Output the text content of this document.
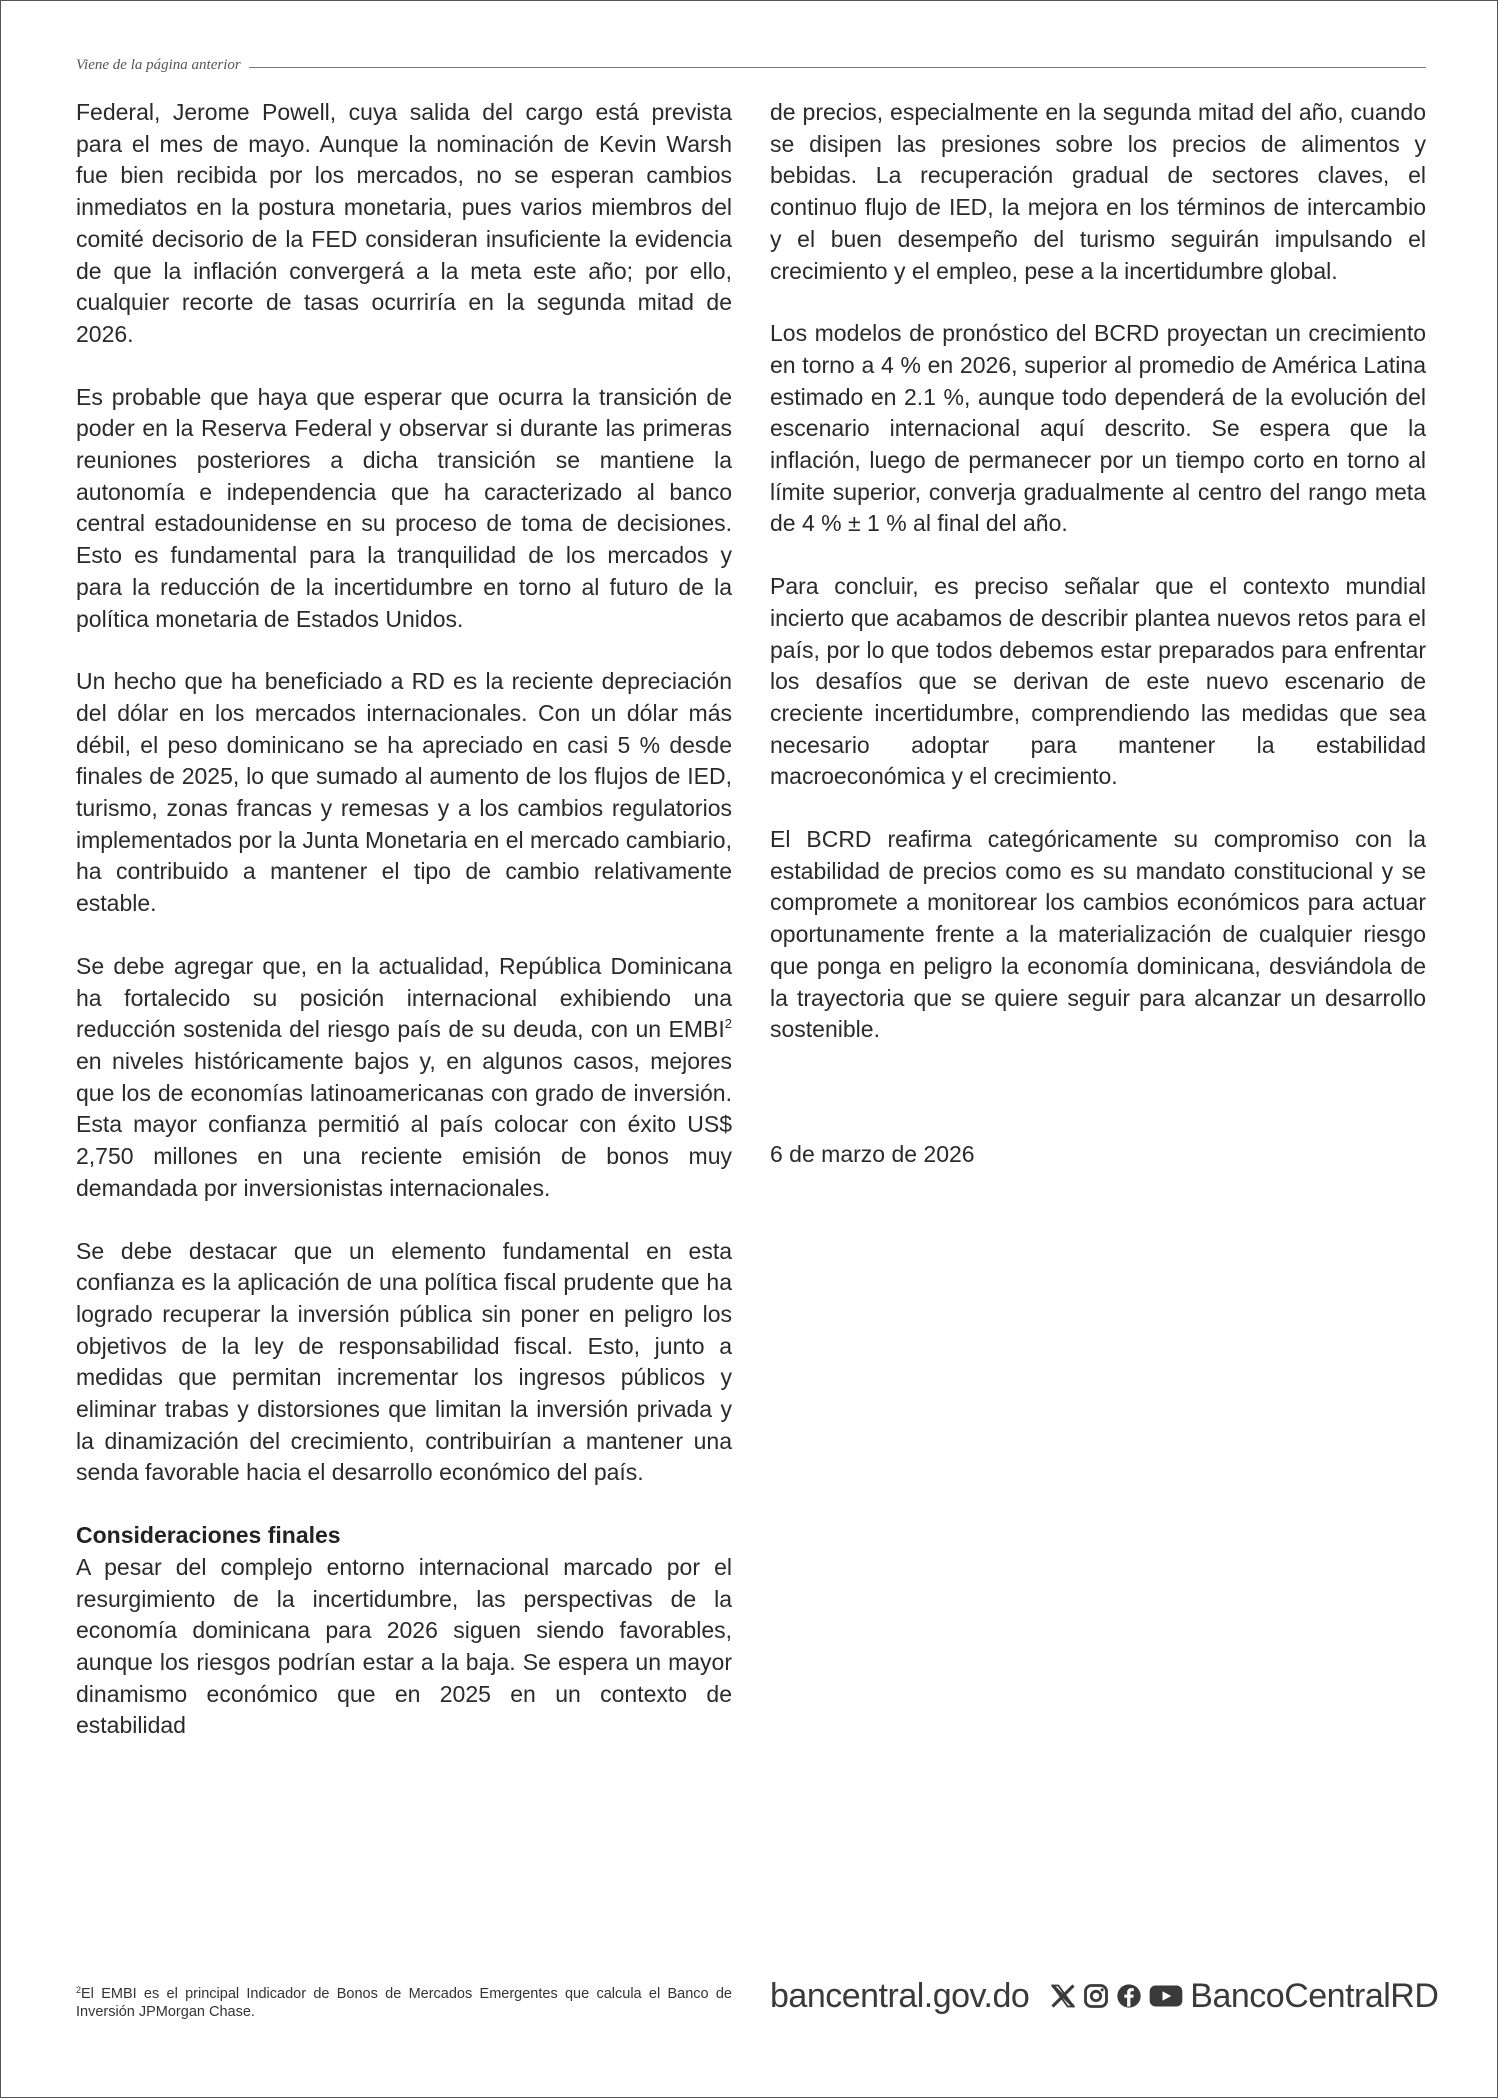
Viene de la página anterior

Federal, Jerome Powell, cuya salida del cargo está prevista para el mes de mayo. Aunque la nominación de Kevin Warsh fue bien recibida por los mercados, no se esperan cambios inmediatos en la postura monetaria, pues varios miembros del comité decisorio de la FED consideran insuficiente la evidencia de que la inflación convergerá a la meta este año; por ello, cualquier recorte de tasas ocurriría en la segunda mitad de 2026.

Es probable que haya que esperar que ocurra la transición de poder en la Reserva Federal y observar si durante las primeras reuniones posteriores a dicha transición se mantiene la autonomía e independencia que ha caracterizado al banco central estadounidense en su proceso de toma de decisiones. Esto es fundamental para la tranquilidad de los mercados y para la reducción de la incertidumbre en torno al futuro de la política monetaria de Estados Unidos.

Un hecho que ha beneficiado a RD es la reciente depreciación del dólar en los mercados internacionales. Con un dólar más débil, el peso dominicano se ha apreciado en casi 5 % desde finales de 2025, lo que sumado al aumento de los flujos de IED, turismo, zonas francas y remesas y a los cambios regulatorios implementados por la Junta Monetaria en el mercado cambiario, ha contribuido a mantener el tipo de cambio relativamente estable.

Se debe agregar que, en la actualidad, República Dominicana ha fortalecido su posición internacional exhibiendo una reducción sostenida del riesgo país de su deuda, con un EMBI$^2$ en niveles históricamente bajos y, en algunos casos, mejores que los de economías latinoamericanas con grado de inversión. Esta mayor confianza permitió al país colocar con éxito US$ 2,750 millones en una reciente emisión de bonos muy demandada por inversionistas internacionales.

Se debe destacar que un elemento fundamental en esta confianza es la aplicación de una política fiscal prudente que ha logrado recuperar la inversión pública sin poner en peligro los objetivos de la ley de responsabilidad fiscal. Esto, junto a medidas que permitan incrementar los ingresos públicos y eliminar trabas y distorsiones que limitan la inversión privada y la dinamización del crecimiento, contribuirían a mantener una senda favorable hacia el desarrollo económico del país.

Consideraciones finales

A pesar del complejo entorno internacional marcado por el resurgimiento de la incertidumbre, las perspectivas de la economía dominicana para 2026 siguen siendo favorables, aunque los riesgos podrían estar a la baja. Se espera un mayor dinamismo económico que en 2025 en un contexto de estabilidad

de precios, especialmente en la segunda mitad del año, cuando se disipen las presiones sobre los precios de alimentos y bebidas. La recuperación gradual de sectores claves, el continuo flujo de IED, la mejora en los términos de intercambio y el buen desempeño del turismo seguirán impulsando el crecimiento y el empleo, pese a la incertidumbre global.

Los modelos de pronóstico del BCRD proyectan un crecimiento en torno a 4 % en 2026, superior al promedio de América Latina estimado en 2.1 %, aunque todo dependerá de la evolución del escenario internacional aquí descrito. Se espera que la inflación, luego de permanecer por un tiempo corto en torno al límite superior, converja gradualmente al centro del rango meta de 4 % ± 1 % al final del año.

Para concluir, es preciso señalar que el contexto mundial incierto que acabamos de describir plantea nuevos retos para el país, por lo que todos debemos estar preparados para enfrentar los desafíos que se derivan de este nuevo escenario de creciente incertidumbre, comprendiendo las medidas que sea necesario adoptar para mantener la estabilidad macroeconómica y el crecimiento.

El BCRD reafirma categóricamente su compromiso con la estabilidad de precios como es su mandato constitucional y se compromete a monitorear los cambios económicos para actuar oportunamente frente a la materialización de cualquier riesgo que ponga en peligro la economía dominicana, desviándola de la trayectoria que se quiere seguir para alcanzar un desarrollo sostenible.

6 de marzo de 2026
$^2$El EMBI es el principal Indicador de Bonos de Mercados Emergentes que calcula el Banco de Inversión JPMorgan Chase.	bancentral.gov.do	BancoCentralRD
